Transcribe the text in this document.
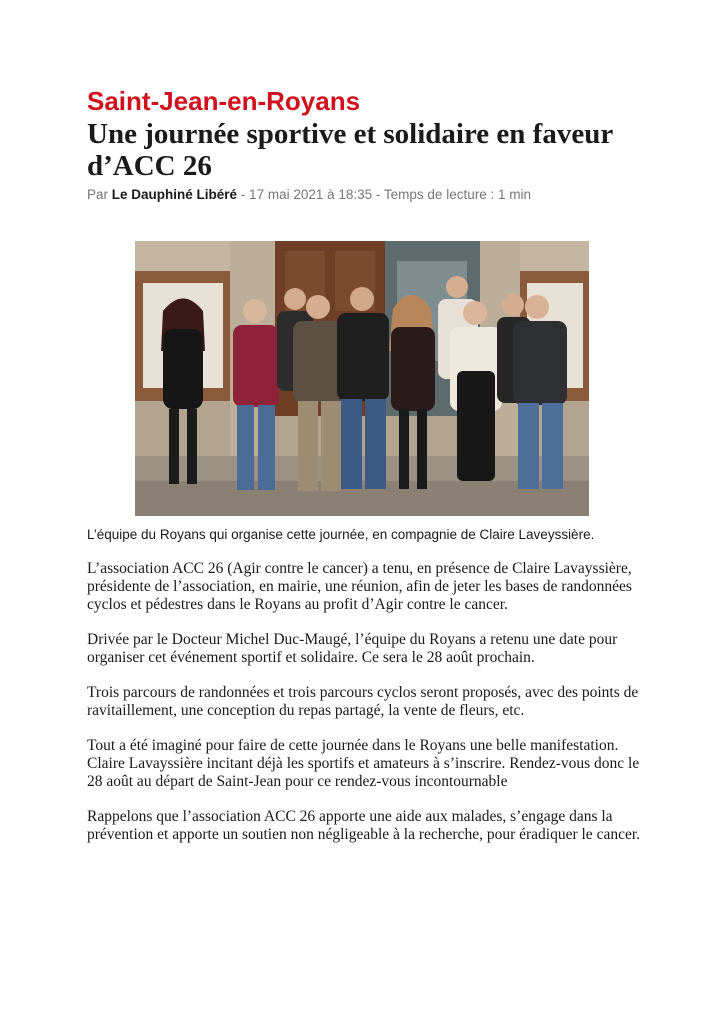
Saint-Jean-en-Royans
Une journée sportive et solidaire en faveur d’ACC 26
Par Le Dauphiné Libéré - 17 mai 2021 à 18:35 - Temps de lecture : 1 min
L’équipe du Royans qui organise cette journée, en compagnie de Claire Laveyssière.

L’association ACC 26 (Agir contre le cancer) a tenu, en présence de Claire Lavayssière, présidente de l’association, en mairie, une réunion, afin de jeter les bases de randonnées cyclos et pédestres dans le Royans au profit d’Agir contre le cancer.

Drivée par le Docteur Michel Duc-Maugé, l’équipe du Royans a retenu une date pour organiser cet événement sportif et solidaire. Ce sera le 28 août prochain.

Trois parcours de randonnées et trois parcours cyclos seront proposés, avec des points de ravitaillement, une conception du repas partagé, la vente de fleurs, etc.

Tout a été imaginé pour faire de cette journée dans le Royans une belle manifestation. Claire Lavayssière incitant déjà les sportifs et amateurs à s’inscrire. Rendez-vous donc le 28 août au départ de Saint-Jean pour ce rendez-vous incontournable

Rappelons que l’association ACC 26 apporte une aide aux malades, s’engage dans la prévention et apporte un soutien non négligeable à la recherche, pour éradiquer le cancer.
